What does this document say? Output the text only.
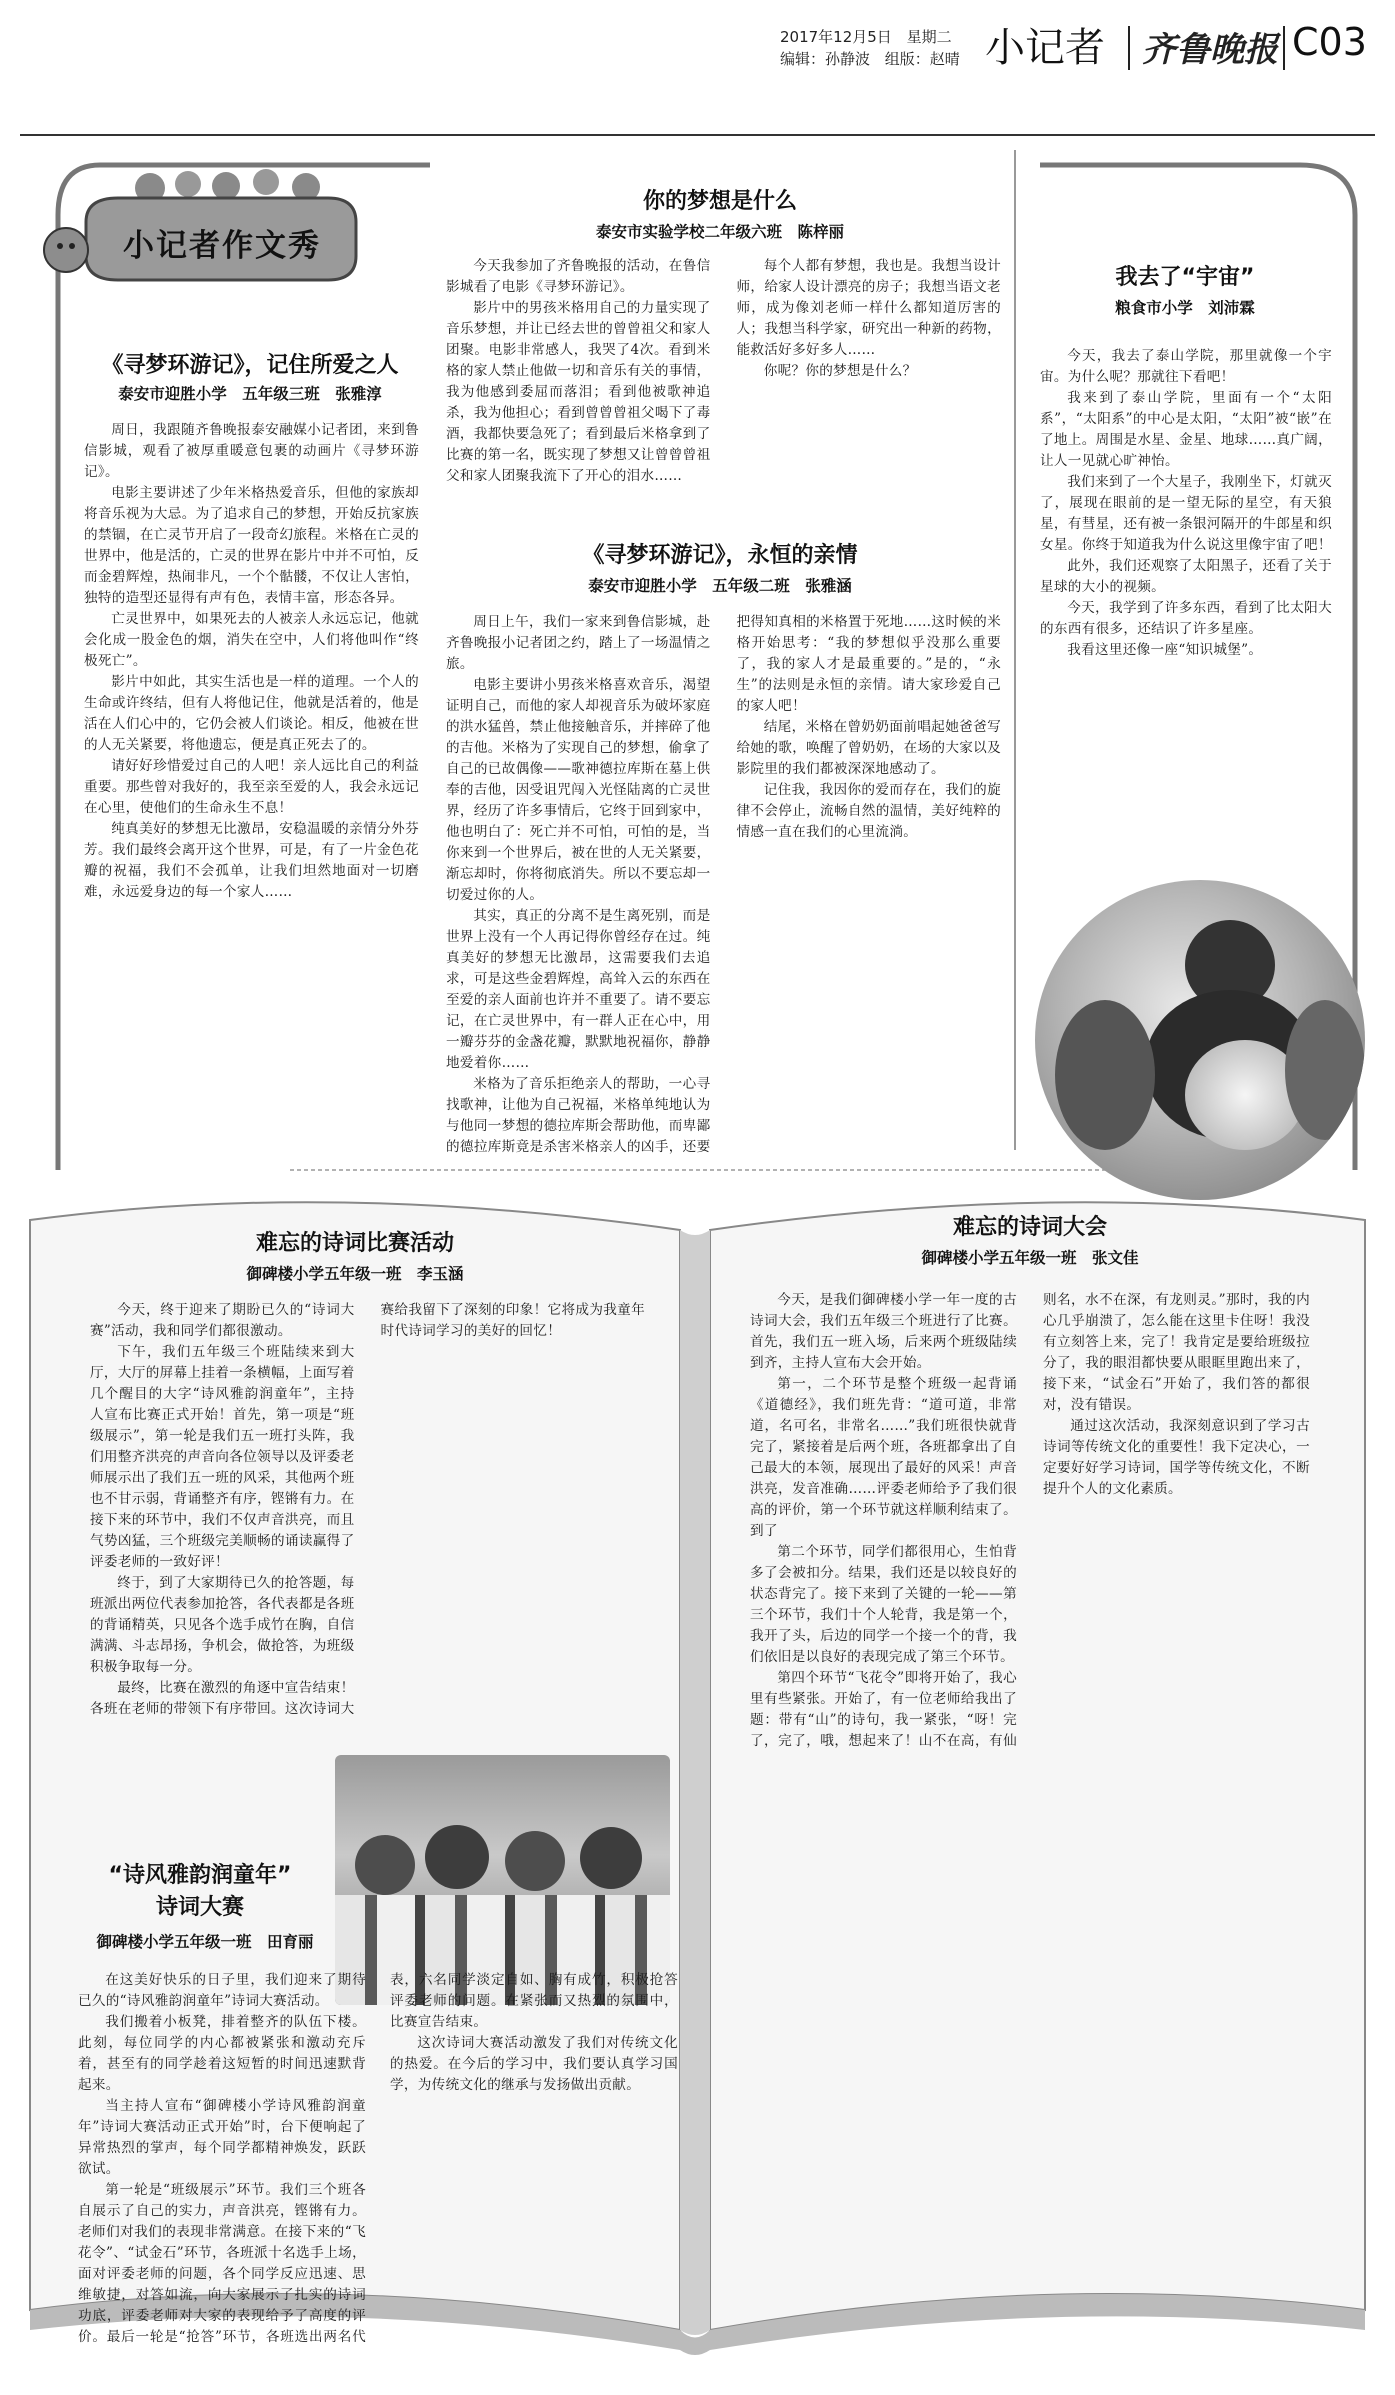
2017年12月5日 星期二
编辑：孙静波 组版：赵晴 小记者 齐鲁晚报 C03
小记者作文秀
《寻梦环游记》，记住所爱之人
泰安市迎胜小学　五年级三班　张雅淳

周日，我跟随齐鲁晚报泰安融媒小记者团，来到鲁信影城，观看了被厚重暖意包裹的动画片《寻梦环游记》。

电影主要讲述了少年米格热爱音乐，但他的家族却将音乐视为大忌。为了追求自己的梦想，开始反抗家族的禁锢，在亡灵节开启了一段奇幻旅程。米格在亡灵的世界中，他是活的，亡灵的世界在影片中并不可怕，反而金碧辉煌，热闹非凡，一个个骷髅，不仅让人害怕，独特的造型还显得有声有色，表情丰富，形态各异。

亡灵世界中，如果死去的人被亲人永远忘记，他就会化成一股金色的烟，消失在空中，人们将他叫作“终极死亡”。

影片中如此，其实生活也是一样的道理。一个人的生命或许终结，但有人将他记住，他就是活着的，他是活在人们心中的，它仍会被人们谈论。相反，他被在世的人无关紧要，将他遗忘，便是真正死去了的。

请好好珍惜爱过自己的人吧！亲人远比自己的利益重要。那些曾对我好的，我至亲至爱的人，我会永远记在心里，使他们的生命永生不息！

纯真美好的梦想无比激昂，安稳温暖的亲情分外芬芳。我们最终会离开这个世界，可是，有了一片金色花瓣的祝福，我们不会孤单，让我们坦然地面对一切磨难，永远爱身边的每一个家人……

你的梦想是什么
泰安市实验学校二年级六班　陈梓丽

今天我参加了齐鲁晚报的活动，在鲁信影城看了电影《寻梦环游记》。

影片中的男孩米格用自己的力量实现了音乐梦想，并让已经去世的曾曾祖父和家人团聚。电影非常感人，我哭了4次。看到米格的家人禁止他做一切和音乐有关的事情，我为他感到委屈而落泪；看到他被歌神追杀，我为他担心；看到曾曾曾祖父喝下了毒酒，我都快要急死了；看到最后米格拿到了比赛的第一名，既实现了梦想又让曾曾曾祖父和家人团聚我流下了开心的泪水……

每个人都有梦想，我也是。我想当设计师，给家人设计漂亮的房子；我想当语文老师，成为像刘老师一样什么都知道厉害的人；我想当科学家，研究出一种新的药物，能救活好多好多人……

你呢？你的梦想是什么？

《寻梦环游记》，永恒的亲情
泰安市迎胜小学　五年级二班　张雅涵

周日上午，我们一家来到鲁信影城，赴齐鲁晚报小记者团之约，踏上了一场温情之旅。

电影主要讲小男孩米格喜欢音乐，渴望证明自己，而他的家人却视音乐为破坏家庭的洪水猛兽，禁止他接触音乐，并摔碎了他的吉他。米格为了实现自己的梦想，偷拿了自己的已故偶像——歌神德拉库斯在墓上供奉的吉他，因受诅咒闯入光怪陆离的亡灵世界，经历了许多事情后，它终于回到家中，他也明白了：死亡并不可怕，可怕的是，当你来到一个世界后，被在世的人无关紧要，渐忘却时，你将彻底消失。所以不要忘却一切爱过你的人。

其实，真正的分离不是生离死别，而是世界上没有一个人再记得你曾经存在过。纯真美好的梦想无比激昂，这需要我们去追求，可是这些金碧辉煌，高耸入云的东西在至爱的亲人面前也许并不重要了。请不要忘记，在亡灵世界中，有一群人正在心中，用一瓣芬芬的金盏花瓣，默默地祝福你，静静地爱着你……

米格为了音乐拒绝亲人的帮助，一心寻找歌神，让他为自己祝福，米格单纯地认为与他同一梦想的德拉库斯会帮助他，而卑鄙的德拉库斯竟是杀害米格亲人的凶手，还要把得知真相的米格置于死地……这时候的米格开始思考：“我的梦想似乎没那么重要了，我的家人才是最重要的。”是的，“永生”的法则是永恒的亲情。请大家珍爱自己的家人吧！

结尾，米格在曾奶奶面前唱起她爸爸写给她的歌，唤醒了曾奶奶，在场的大家以及影院里的我们都被深深地感动了。

记住我，我因你的爱而存在，我们的旋律不会停止，流畅自然的温情，美好纯粹的情感一直在我们的心里流淌。

我去了“宇宙”
粮食市小学　刘沛霖

今天，我去了泰山学院，那里就像一个宇宙。为什么呢？那就往下看吧！

我来到了泰山学院，里面有一个“太阳系”，“太阳系”的中心是太阳，“太阳”被“嵌”在了地上。周围是水星、金星、地球……真广阔，让人一见就心旷神怡。

我们来到了一个大星子，我刚坐下，灯就灭了，展现在眼前的是一望无际的星空，有天狼星，有彗星，还有被一条银河隔开的牛郎星和织女星。你终于知道我为什么说这里像宇宙了吧！

此外，我们还观察了太阳黑子，还看了关于星球的大小的视频。

今天，我学到了许多东西，看到了比太阳大的东西有很多，还结识了许多星座。

我看这里还像一座“知识城堡”。

难忘的诗词比赛活动
御碑楼小学五年级一班　李玉涵

今天，终于迎来了期盼已久的“诗词大赛”活动，我和同学们都很激动。

下午，我们五年级三个班陆续来到大厅，大厅的屏幕上挂着一条横幅，上面写着几个醒目的大字“诗风雅韵润童年”，主持人宣布比赛正式开始！首先，第一项是“班级展示”，第一轮是我们五一班打头阵，我们用整齐洪亮的声音向各位领导以及评委老师展示出了我们五一班的风采，其他两个班也不甘示弱，背诵整齐有序，铿锵有力。在接下来的环节中，我们不仅声音洪亮，而且气势凶猛，三个班级完美顺畅的诵读赢得了评委老师的一致好评！

终于，到了大家期待已久的抢答题，每班派出两位代表参加抢答，各代表都是各班的背诵精英，只见各个选手成竹在胸，自信满满、斗志昂扬，争机会，做抢答，为班级积极争取每一分。

最终，比赛在激烈的角逐中宣告结束！各班在老师的带领下有序带回。这次诗词大赛给我留下了深刻的印象！它将成为我童年时代诗词学习的美好的回忆！

难忘的诗词大会
御碑楼小学五年级一班　张文佳

今天，是我们御碑楼小学一年一度的古诗词大会，我们五年级三个班进行了比赛。首先，我们五一班入场，后来两个班级陆续到齐，主持人宣布大会开始。

第一，二个环节是整个班级一起背诵《道德经》，我们班先背：“道可道，非常道，名可名，非常名……”我们班很快就背完了，紧接着是后两个班，各班都拿出了自己最大的本领，展现出了最好的风采！声音洪亮，发音准确……评委老师给予了我们很高的评价，第一个环节就这样顺利结束了。到了

第二个环节，同学们都很用心，生怕背多了会被扣分。结果，我们还是以较良好的状态背完了。接下来到了关键的一轮——第三个环节，我们十个人轮背，我是第一个，我开了头，后边的同学一个接一个的背，我们依旧是以良好的表现完成了第三个环节。

第四个环节“飞花令”即将开始了，我心里有些紧张。开始了，有一位老师给我出了题：带有“山”的诗句，我一紧张，“呀！完了，完了，哦，想起来了！山不在高，有仙则名，水不在深，有龙则灵。”那时，我的内心几乎崩溃了，怎么能在这里卡住呀！我没有立刻答上来，完了！我肯定是要给班级拉分了，我的眼泪都快要从眼眶里跑出来了，接下来，“试金石”开始了，我们答的都很对，没有错误。

通过这次活动，我深刻意识到了学习古诗词等传统文化的重要性！我下定决心，一定要好好学习诗词，国学等传统文化，不断提升个人的文化素质。

“诗风雅韵润童年”
诗词大赛
御碑楼小学五年级一班　田育丽

在这美好快乐的日子里，我们迎来了期待已久的“诗风雅韵润童年”诗词大赛活动。

我们搬着小板凳，排着整齐的队伍下楼。此刻，每位同学的内心都被紧张和激动充斥着，甚至有的同学趁着这短暂的时间迅速默背起来。

当主持人宣布“御碑楼小学诗风雅韵润童年”诗词大赛活动正式开始”时，台下便响起了异常热烈的掌声，每个同学都精神焕发，跃跃欲试。

第一轮是“班级展示”环节。我们三个班各自展示了自己的实力，声音洪亮，铿锵有力。老师们对我们的表现非常满意。在接下来的“飞花令”、“试金石”环节，各班派十名选手上场，面对评委老师的问题，各个同学反应迅速、思维敏捷，对答如流，向大家展示了扎实的诗词功底，评委老师对大家的表现给予了高度的评价。最后一轮是“抢答”环节，各班选出两名代表，六名同学淡定自如、胸有成竹，积极抢答评委老师的问题。在紧张而又热烈的氛围中，比赛宣告结束。

这次诗词大赛活动激发了我们对传统文化的热爱。在今后的学习中，我们要认真学习国学，为传统文化的继承与发扬做出贡献。
